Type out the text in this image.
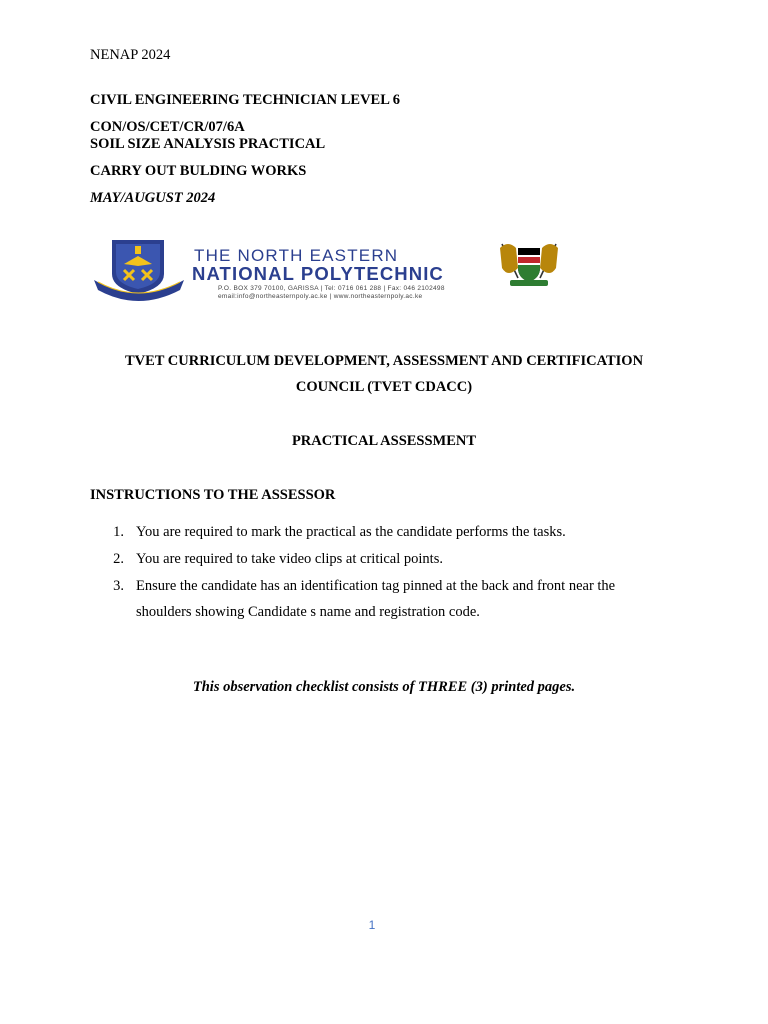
NENAP 2024
CIVIL ENGINEERING TECHNICIAN LEVEL 6
CON/OS/CET/CR/07/6A
SOIL SIZE ANALYSIS PRACTICAL
CARRY OUT BULDING WORKS
MAY/AUGUST 2024
THE NORTH EASTERN
NATIONAL POLYTECHNIC
P.O. BOX 379 70100, GARISSA | Tel: 0716 061 288 | Fax: 046 2102498
email:info@northeasternpoly.ac.ke | www.northeasternpoly.ac.ke
TVET CURRICULUM DEVELOPMENT, ASSESSMENT AND CERTIFICATION
COUNCIL (TVET CDACC)
PRACTICAL ASSESSMENT
INSTRUCTIONS TO THE ASSESSOR
1. You are required to mark the practical as the candidate performs the tasks.
2. You are required to take video clips at critical points.
3. Ensure the candidate has an identification tag pinned at the back and front near the
shoulders showing Candidate s name and registration code.
This observation checklist consists of THREE (3) printed pages.
1
